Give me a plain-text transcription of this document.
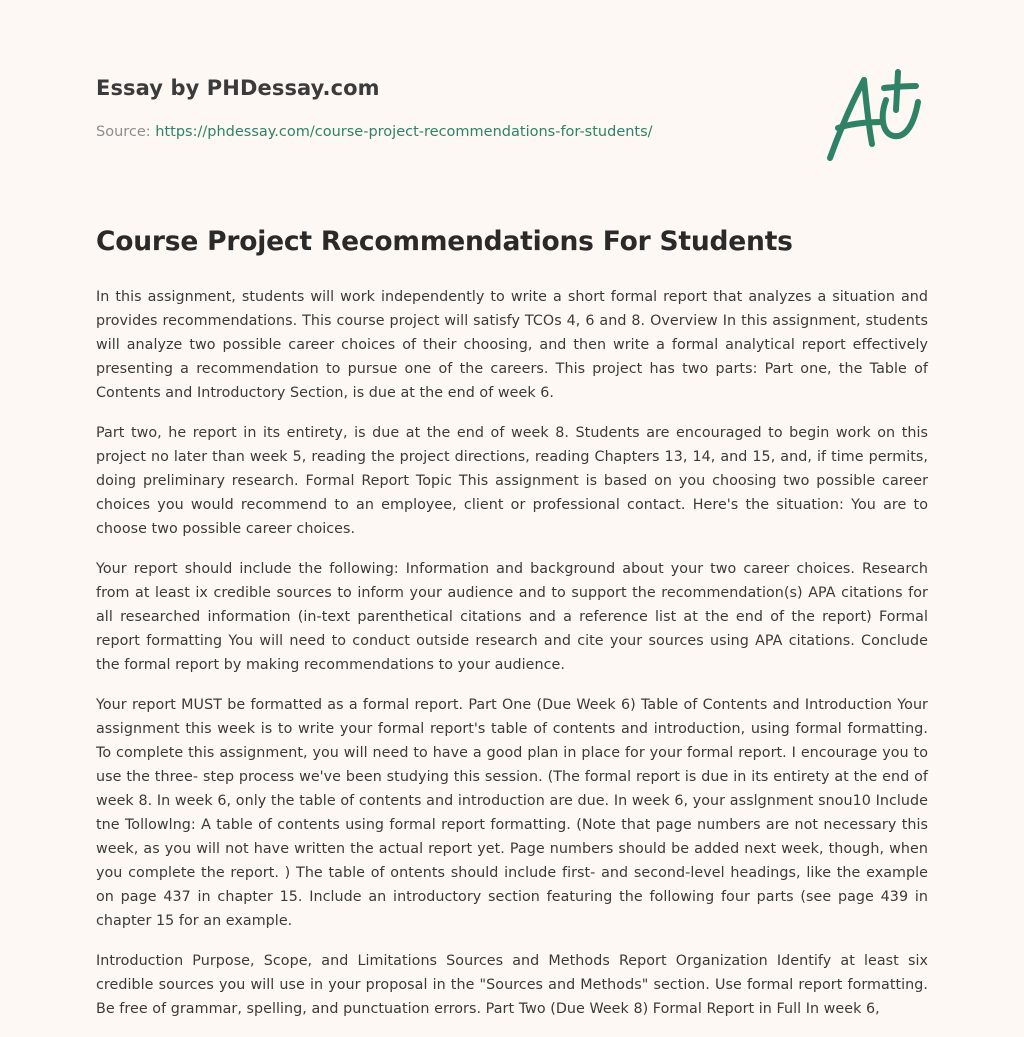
Essay by PHDessay.com
Source: https://phdessay.com/course-project-recommendations-for-students/
Course Project Recommendations For Students

In this assignment, students will work independently to write a short formal report that analyzes a situation and provides recommendations. This course project will satisfy TCOs 4, 6 and 8. Overview In this assignment, students will analyze two possible career choices of their choosing, and then write a formal analytical report effectively presenting a recommendation to pursue one of the careers. This project has two parts: Part one, the Table of Contents and Introductory Section, is due at the end of week 6.

Part two, he report in its entirety, is due at the end of week 8. Students are encouraged to begin work on this project no later than week 5, reading the project directions, reading Chapters 13, 14, and 15, and, if time permits, doing preliminary research. Formal Report Topic This assignment is based on you choosing two possible career choices you would recommend to an employee, client or professional contact. Here's the situation: You are to choose two possible career choices.

Your report should include the following: Information and background about your two career choices. Research from at least ix credible sources to inform your audience and to support the recommendation(s) APA citations for all researched information (in-text parenthetical citations and a reference list at the end of the report) Formal report formatting You will need to conduct outside research and cite your sources using APA citations. Conclude the formal report by making recommendations to your audience.

Your report MUST be formatted as a formal report. Part One (Due Week 6) Table of Contents and Introduction Your assignment this week is to write your formal report's table of contents and introduction, using formal formatting. To complete this assignment, you will need to have a good plan in place for your formal report. I encourage you to use the three- step process we've been studying this session. (The formal report is due in its entirety at the end of week 8. In week 6, only the table of contents and introduction are due. In week 6, your asslgnment snou10 Include tne Tollowlng: A table of contents using formal report formatting. (Note that page numbers are not necessary this week, as you will not have written the actual report yet. Page numbers should be added next week, though, when you complete the report. ) The table of ontents should include first- and second-level headings, like the example on page 437 in chapter 15. Include an introductory section featuring the following four parts (see page 439 in chapter 15 for an example.

Introduction Purpose, Scope, and Limitations Sources and Methods Report Organization Identify at least six credible sources you will use in your proposal in the "Sources and Methods" section. Use formal report formatting. Be free of grammar, spelling, and punctuation errors. Part Two (Due Week 8) Formal Report in Full In week 6,
